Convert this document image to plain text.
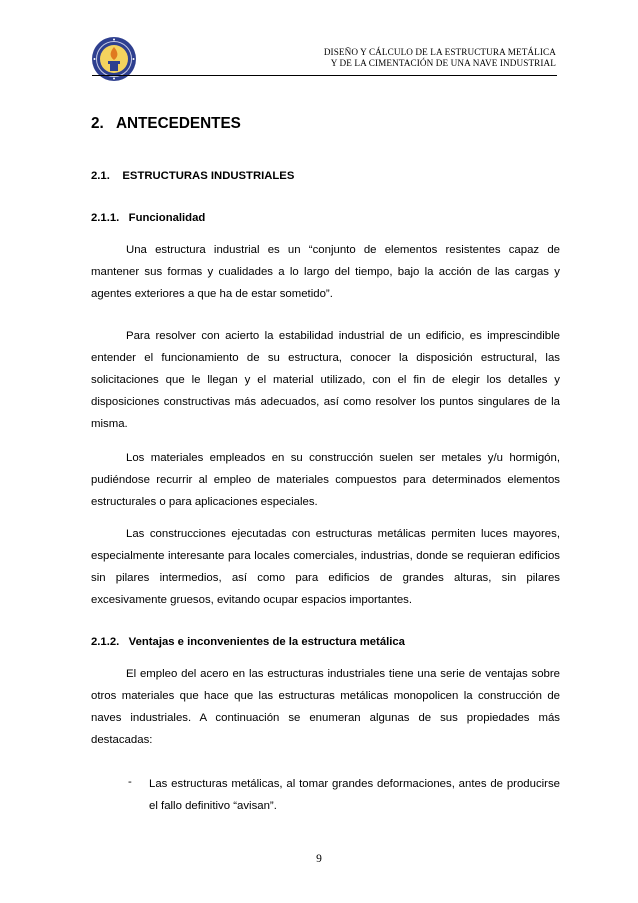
DISEÑO Y CÁLCULO DE LA ESTRUCTURA METÁLICA
Y DE LA CIMENTACIÓN DE UNA NAVE INDUSTRIAL
2.   ANTECEDENTES
2.1.    ESTRUCTURAS INDUSTRIALES
2.1.1.   Funcionalidad

Una estructura industrial es un “conjunto de elementos resistentes capaz de mantener sus formas y cualidades a lo largo del tiempo, bajo la acción de las cargas y agentes exteriores a que ha de estar sometido”.

Para resolver con acierto la estabilidad industrial de un edificio, es imprescindible entender el funcionamiento de su estructura, conocer la disposición estructural, las solicitaciones que le llegan y el material utilizado, con el fin de elegir los detalles y disposiciones constructivas más adecuados, así como resolver los puntos singulares de la misma.

Los materiales empleados en su construcción suelen ser metales y/u hormigón, pudiéndose recurrir al empleo de materiales compuestos para determinados elementos estructurales o para aplicaciones especiales.

Las construcciones ejecutadas con estructuras metálicas permiten luces mayores, especialmente interesante para locales comerciales, industrias, donde se requieran edificios sin pilares intermedios, así como para edificios de grandes alturas, sin pilares excesivamente gruesos, evitando ocupar espacios importantes.

2.1.2.   Ventajas e inconvenientes de la estructura metálica

El empleo del acero en las estructuras industriales tiene una serie de ventajas sobre otros materiales que hace que las estructuras metálicas monopolicen la construcción de naves industriales. A continuación se enumeran algunas de sus propiedades más destacadas:

- Las estructuras metálicas, al tomar grandes deformaciones, antes de producirse el fallo definitivo “avisan”.

9
